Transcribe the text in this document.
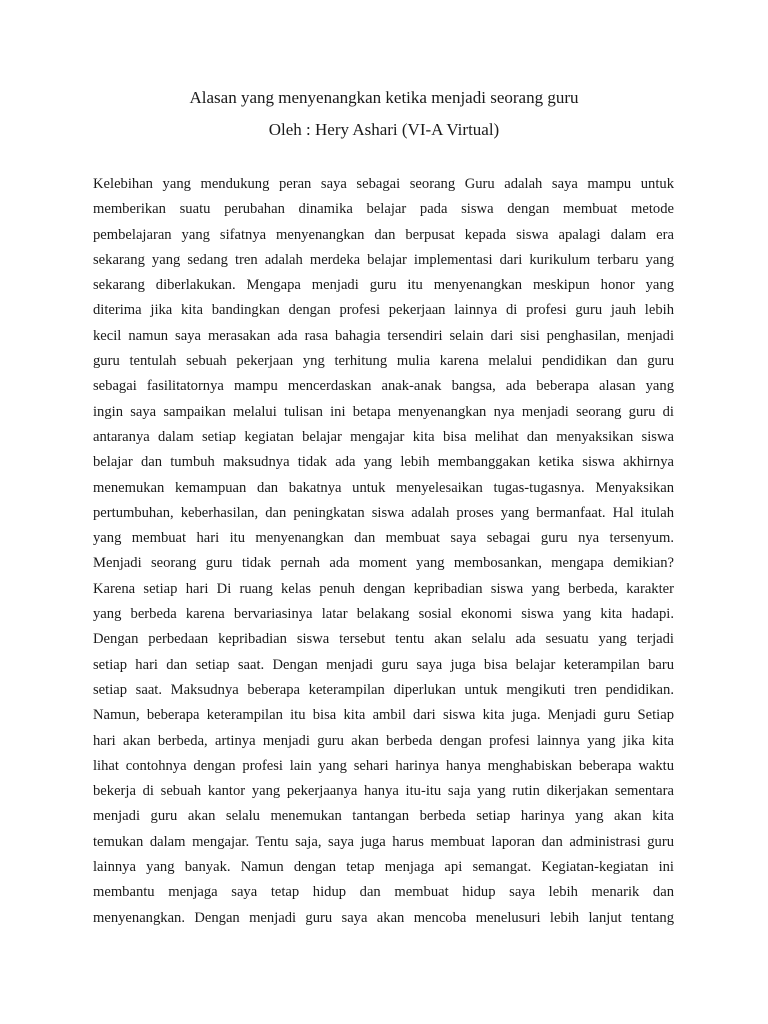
Alasan yang menyenangkan ketika menjadi seorang guru
Oleh : Hery Ashari (VI-A Virtual)
Kelebihan yang mendukung peran saya sebagai seorang Guru adalah saya mampu untuk
memberikan suatu perubahan dinamika belajar pada siswa dengan membuat metode
pembelajaran yang sifatnya menyenangkan dan berpusat kepada siswa apalagi dalam era
sekarang yang sedang tren adalah merdeka belajar implementasi dari kurikulum terbaru yang
sekarang diberlakukan. Mengapa menjadi guru itu menyenangkan meskipun honor yang
diterima jika kita bandingkan dengan profesi pekerjaan lainnya di profesi guru jauh lebih
kecil namun saya merasakan ada rasa bahagia tersendiri selain dari sisi penghasilan, menjadi
guru tentulah sebuah pekerjaan yng terhitung mulia karena melalui pendidikan dan guru
sebagai fasilitatornya mampu mencerdaskan anak-anak bangsa, ada beberapa alasan yang
ingin saya sampaikan melalui tulisan ini betapa menyenangkan nya menjadi seorang guru di
antaranya dalam setiap kegiatan belajar mengajar kita bisa melihat dan menyaksikan siswa
belajar dan tumbuh maksudnya tidak ada yang lebih membanggakan ketika siswa akhirnya
menemukan kemampuan dan bakatnya untuk menyelesaikan tugas-tugasnya. Menyaksikan
pertumbuhan, keberhasilan, dan peningkatan siswa adalah proses yang bermanfaat. Hal itulah
yang membuat hari itu menyenangkan dan membuat saya sebagai guru nya tersenyum.
Menjadi seorang guru tidak pernah ada moment yang membosankan, mengapa demikian?
Karena setiap hari Di ruang kelas penuh dengan kepribadian siswa yang berbeda, karakter
yang berbeda karena bervariasinya latar belakang sosial ekonomi siswa yang kita hadapi.
Dengan perbedaan kepribadian siswa tersebut tentu akan selalu ada sesuatu yang terjadi
setiap hari dan setiap saat. Dengan menjadi guru saya juga bisa belajar keterampilan baru
setiap saat. Maksudnya beberapa keterampilan diperlukan untuk mengikuti tren pendidikan.
Namun, beberapa keterampilan itu bisa kita ambil dari siswa kita juga. Menjadi guru Setiap
hari akan berbeda, artinya menjadi guru akan berbeda dengan profesi lainnya yang jika kita
lihat contohnya dengan profesi lain yang sehari harinya hanya menghabiskan beberapa waktu
bekerja di sebuah kantor yang pekerjaanya hanya itu-itu saja yang rutin dikerjakan sementara
menjadi guru akan selalu menemukan tantangan berbeda setiap harinya yang akan kita
temukan dalam mengajar. Tentu saja, saya juga harus membuat laporan dan administrasi guru
lainnya yang banyak. Namun dengan tetap menjaga api semangat. Kegiatan-kegiatan ini
membantu menjaga saya tetap hidup dan membuat hidup saya lebih menarik dan
menyenangkan. Dengan menjadi guru saya akan mencoba menelusuri lebih lanjut tentang
